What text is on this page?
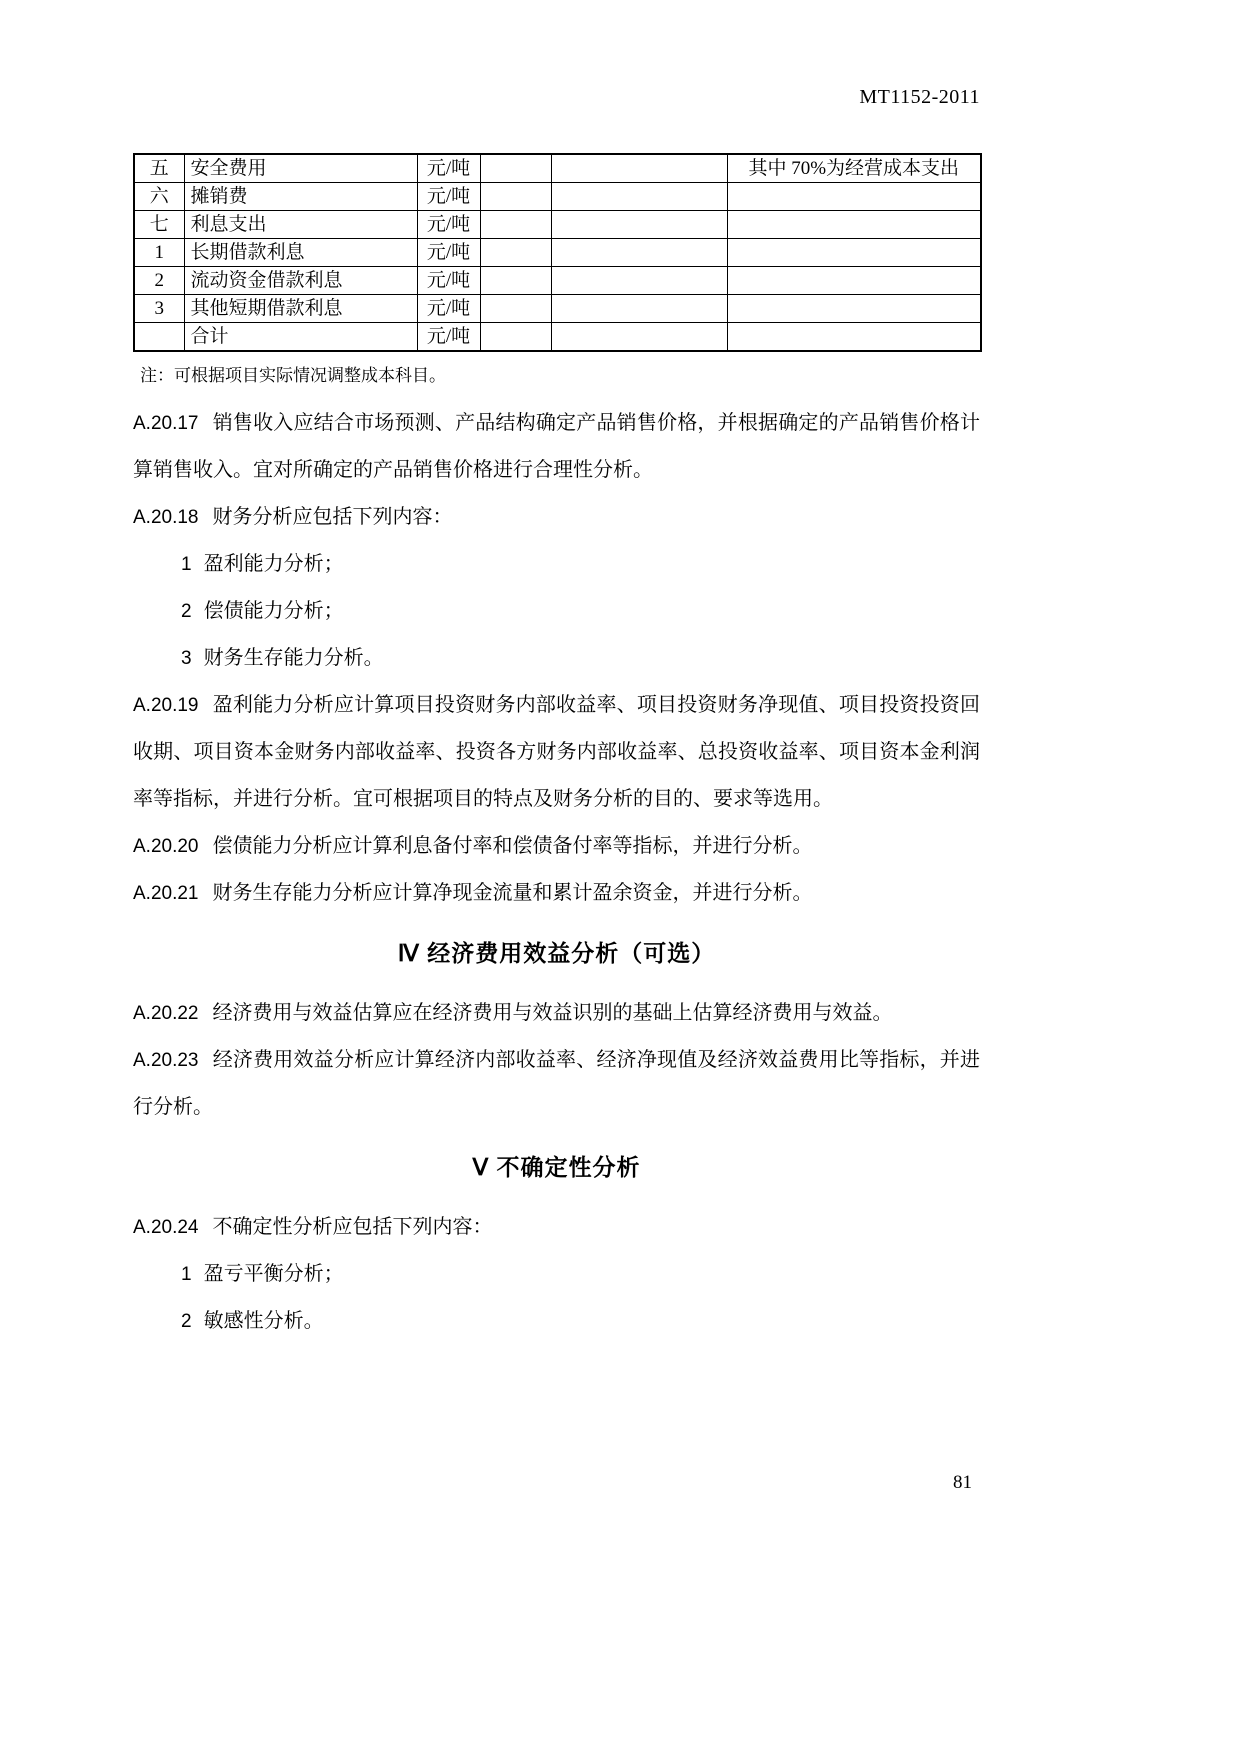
MT1152-2011
五	安全费用	元/吨			其中 70%为经营成本支出
六	摊销费	元/吨			
七	利息支出	元/吨			
1	长期借款利息	元/吨			
2	流动资金借款利息	元/吨			
3	其他短期借款利息	元/吨			
	合计	元/吨			

注：可根据项目实际情况调整成本科目。

A.20.17 销售收入应结合市场预测、产品结构确定产品销售价格，并根据确定的产品销售价格计算销售收入。宜对所确定的产品销售价格进行合理性分析。

A.20.18 财务分析应包括下列内容：

1 盈利能力分析；

2 偿债能力分析；

3 财务生存能力分析。

A.20.19 盈利能力分析应计算项目投资财务内部收益率、项目投资财务净现值、项目投资投资回收期、项目资本金财务内部收益率、投资各方财务内部收益率、总投资收益率、项目资本金利润率等指标，并进行分析。宜可根据项目的特点及财务分析的目的、要求等选用。

A.20.20 偿债能力分析应计算利息备付率和偿债备付率等指标，并进行分析。

A.20.21 财务生存能力分析应计算净现金流量和累计盈余资金，并进行分析。

Ⅳ 经济费用效益分析（可选）

A.20.22 经济费用与效益估算应在经济费用与效益识别的基础上估算经济费用与效益。

A.20.23 经济费用效益分析应计算经济内部收益率、经济净现值及经济效益费用比等指标，并进行分析。

Ⅴ 不确定性分析

A.20.24 不确定性分析应包括下列内容：

1 盈亏平衡分析；

2 敏感性分析。

81
